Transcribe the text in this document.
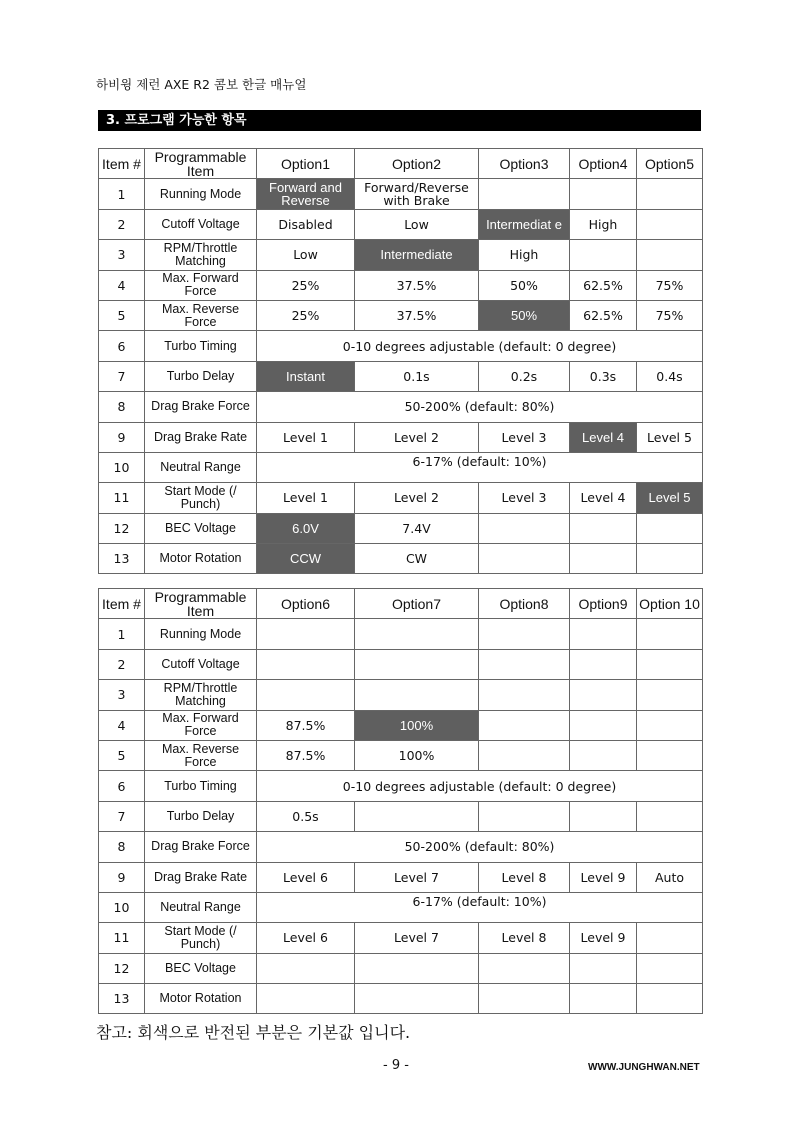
하비윙 제런 AXE R2 콤보 한글 매뉴얼
3. 프로그램 가능한 항목
Item #	Programmable Item	Option1	Option2	Option3	Option4	Option5
1	Running Mode	Forward and Reverse	Forward/Reverse with Brake			
2	Cutoff Voltage	Disabled	Low	Intermediat e	High	
3	RPM/Throttle Matching	Low	Intermediate	High		
4	Max. Forward Force	25%	37.5%	50%	62.5%	75%
5	Max. Reverse Force	25%	37.5%	50%	62.5%	75%
6	Turbo Timing	0-10 degrees adjustable (default: 0 degree)				
7	Turbo Delay	Instant	0.1s	0.2s	0.3s	0.4s
8	Drag Brake Force	50-200% (default: 80%)				
9	Drag Brake Rate	Level 1	Level 2	Level 3	Level 4	Level 5
10	Neutral Range	6-17% (default: 10%)				
11	Start Mode (/ Punch)	Level 1	Level 2	Level 3	Level 4	Level 5
12	BEC Voltage	6.0V	7.4V			
13	Motor Rotation	CCW	CW			
Item #	Programmable Item	Option6	Option7	Option8	Option9	Option 10
1	Running Mode					
2	Cutoff Voltage					
3	RPM/Throttle Matching					
4	Max. Forward Force	87.5%	100%			
5	Max. Reverse Force	87.5%	100%			
6	Turbo Timing	0-10 degrees adjustable (default: 0 degree)				
7	Turbo Delay	0.5s				
8	Drag Brake Force	50-200% (default: 80%)				
9	Drag Brake Rate	Level 6	Level 7	Level 8	Level 9	Auto
10	Neutral Range	6-17% (default: 10%)				
11	Start Mode (/ Punch)	Level 6	Level 7	Level 8	Level 9	
12	BEC Voltage					
13	Motor Rotation					
참고: 회색으로 반전된 부분은 기본값 입니다.
- 9 -	WWW.JUNGHWAN.NET
